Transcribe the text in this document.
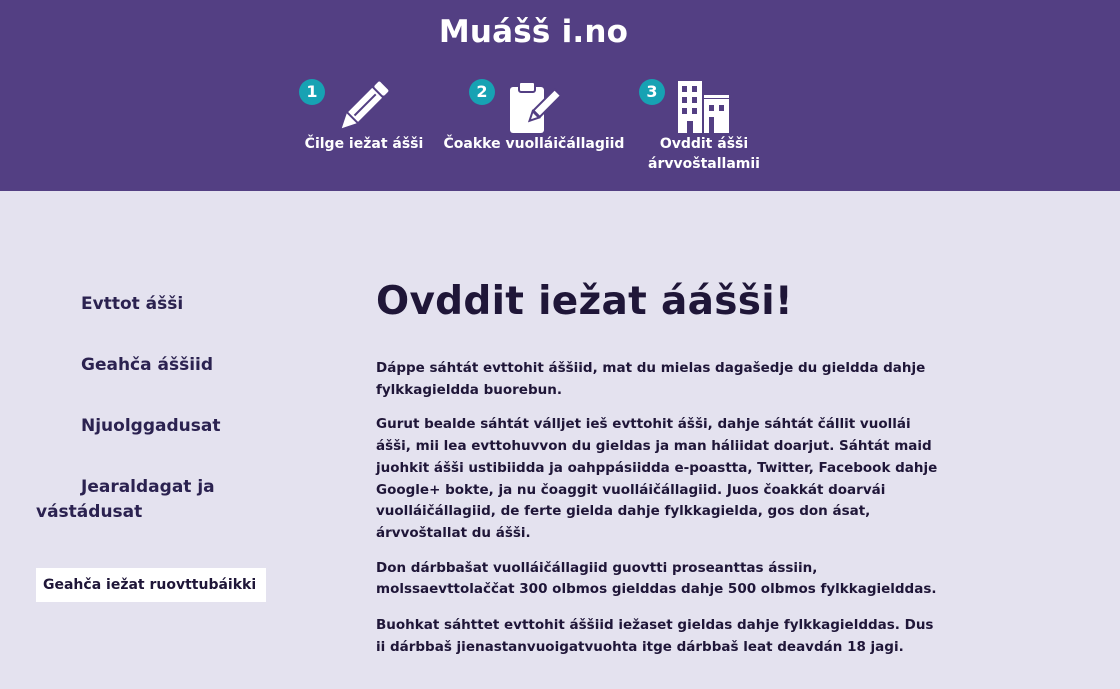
Muášš i.no
1
Čilge iežat ášši
2
Čoakke vuolláičállagiid
3
Ovddit ášši árvvoštallamii
Evttot ášši
Geahča áššiid
Njuolggadusat
Jearaldagat ja vástádusat
Geahča iežat ruovttubáikki
Ovddit iežat áášši!

Dáppe sáhtát evttohit áššiid, mat du mielas dagašedje du gieldda dahje fylkkagieldda buorebun.

Gurut bealde sáhtát válljet ieš evttohit ášši, dahje sáhtát čállit vuollái ášši, mii lea evttohuvvon du gieldas ja man háliidat doarjut. Sáhtát maid juohkit ášši ustibiidda ja oahppásiidda e-poastta, Twitter, Facebook dahje Google+ bokte, ja nu čoaggit vuolláičállagiid. Juos čoakkát doarvái vuolláičállagiid, de ferte gielda dahje fylkkagielda, gos don ásat, árvvoštallat du ášši.

Don dárbbašat vuolláičállagiid guovtti proseanttas ássiin, molssaevttolaččat 300 olbmos gielddas dahje 500 olbmos fylkkagielddas.

Buohkat sáhttet evttohit áššiid iežaset gieldas dahje fylkkagielddas. Dus ii dárbbaš jienastanvuoigatvuohta itge dárbbaš leat deavdán 18 jagi.
